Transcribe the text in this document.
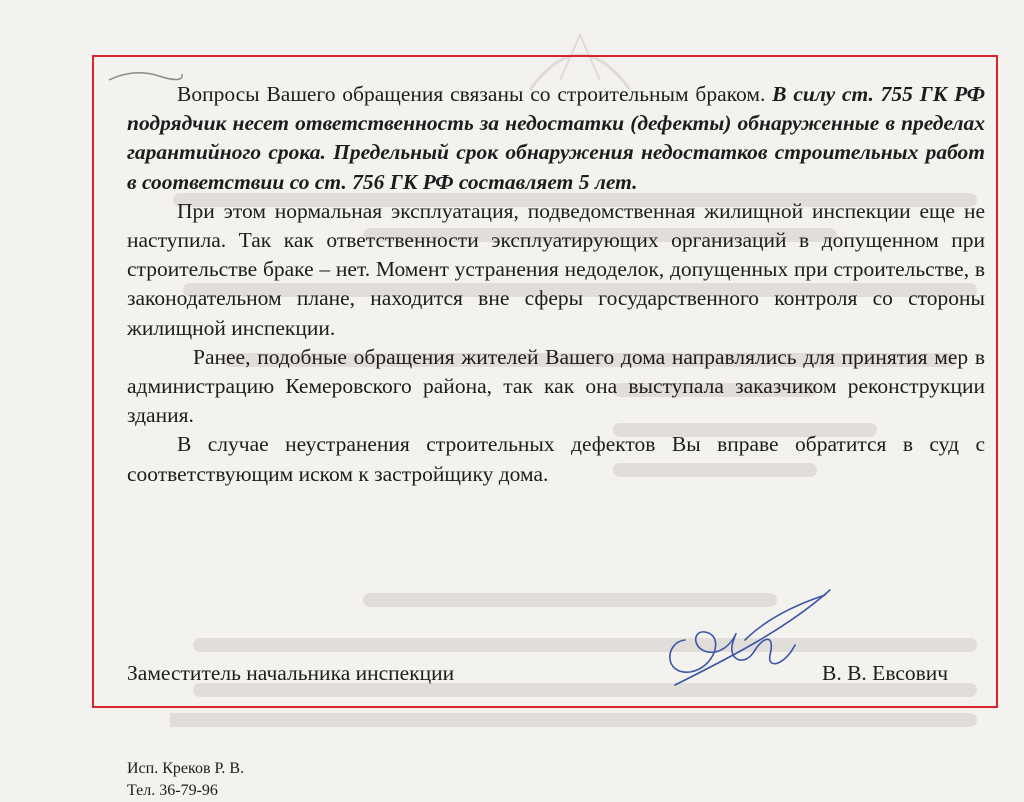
Вопросы Вашего обращения связаны со строительным браком. В силу ст. 755 ГК РФ подрядчик несет ответственность за недостатки (дефекты) обнаруженные в пределах гарантийного срока. Предельный срок обнаружения недостатков строительных работ в соответствии со ст. 756 ГК РФ составляет 5 лет.

При этом нормальная эксплуатация, подведомственная жилищной инспекции еще не наступила. Так как ответственности эксплуатирующих организаций в допущенном при строительстве браке – нет. Момент устранения недоделок, допущенных при строительстве, в законодательном плане, находится вне сферы государственного контроля со стороны жилищной инспекции.

Ранее, подобные обращения жителей Вашего дома направлялись для принятия мер в администрацию Кемеровского района, так как она выступала заказчиком реконструкции здания.

В случае неустранения строительных дефектов Вы вправе обратится в суд с соответствующим иском к застройщику дома.

Заместитель начальника инспекции	В. В. Евсович
Исп. Креков Р. В.
Тел. 36-79-96
